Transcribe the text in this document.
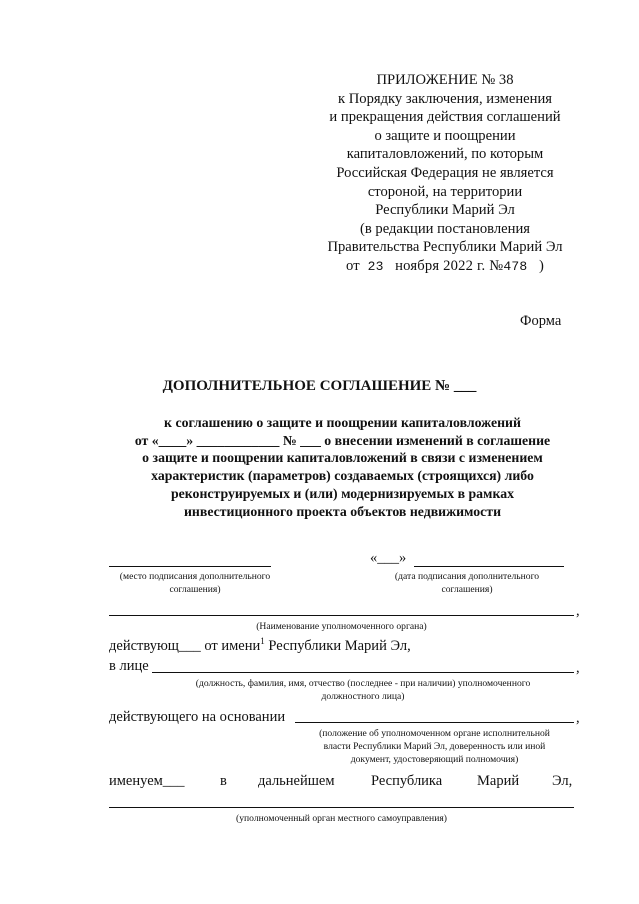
ПРИЛОЖЕНИЕ № 38
к Порядку заключения, изменения
и прекращения действия соглашений
о защите и поощрении
капиталовложений, по которым
Российская Федерация не является
стороной, на территории
Республики Марий Эл
(в редакции постановления
Правительства Республики Марий Эл
от 23 ноября 2022 г. №478 )
Форма
ДОПОЛНИТЕЛЬНОЕ СОГЛАШЕНИЕ № ___
к соглашению о защите и поощрении капиталовложений
от «____» ____________ № ___ о внесении изменений в соглашение
о защите и поощрении капиталовложений в связи с изменением
характеристик (параметров) создаваемых (строящихся) либо
реконструируемых и (или) модернизируемых в рамках
инвестиционного проекта объектов недвижимости
(место подписания дополнительного
соглашения)
«___»
(дата подписания дополнительного
соглашения)
,
(Наименование уполномоченного органа)
действующ___ от имени$^1$ Республики Марий Эл,
в лице	,
(должность, фамилия, имя, отчество (последнее - при наличии) уполномоченного
должностного лица)
действующего на основании	,
(положение об уполномоченном органе исполнительной
власти Республики Марий Эл, доверенность или иной
документ, удостоверяющий полномочия)
именуем___ в дальнейшем	Республика Марий Эл,
(уполномоченный орган местного самоуправления)
